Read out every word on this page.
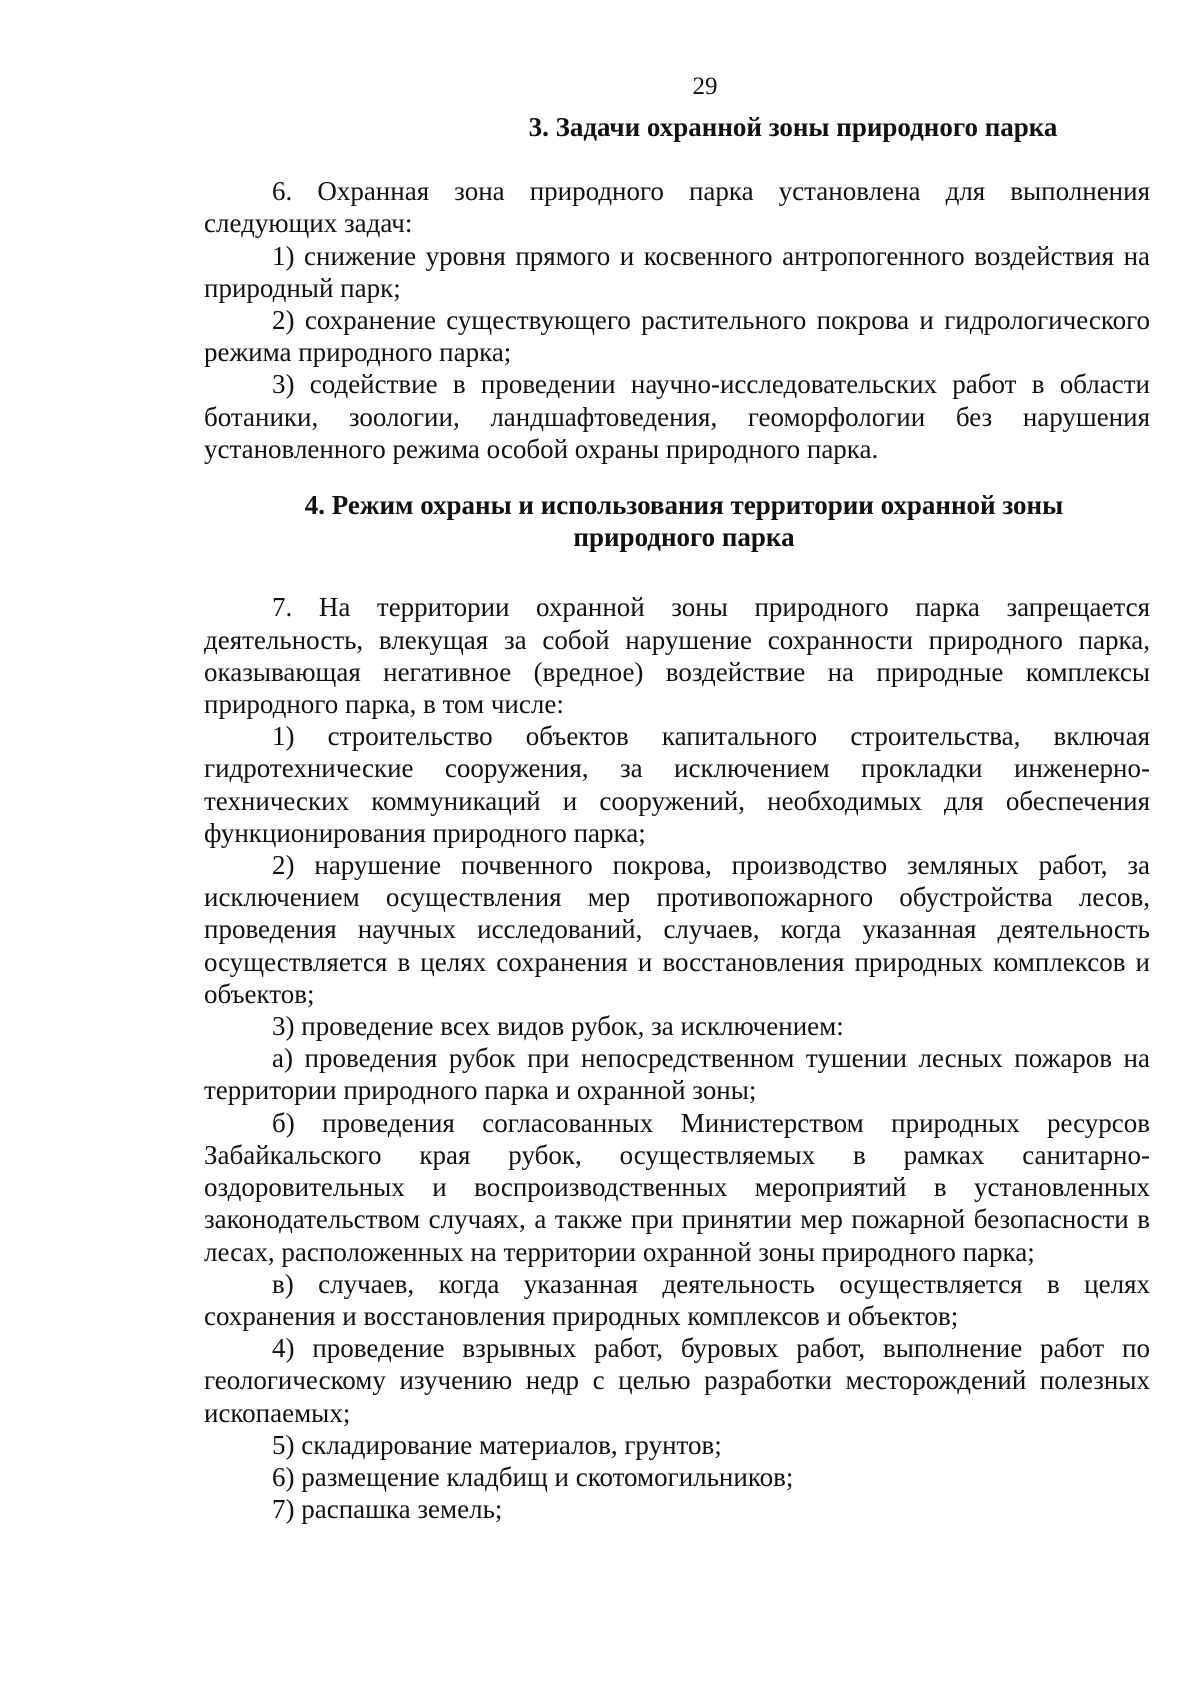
29
3. Задачи охранной зоны природного парка

6. Охранная зона природного парка установлена для выполнения следующих задач:

1) снижение уровня прямого и косвенного антропогенного воздействия на природный парк;

2) сохранение существующего растительного покрова и гидрологического режима природного парка;

3) содействие в проведении научно-исследовательских работ в области ботаники, зоологии, ландшафтоведения, геоморфологии без нарушения установленного режима особой охраны природного парка.

4. Режим охраны и использования территории охранной зоны
природного парка

7. На территории охранной зоны природного парка запрещается деятельность, влекущая за собой нарушение сохранности природного парка, оказывающая негативное (вредное) воздействие на природные комплексы природного парка, в том числе:

1) строительство объектов капитального строительства, включая гидротехнические сооружения, за исключением прокладки инженерно-технических коммуникаций и сооружений, необходимых для обеспечения функционирования природного парка;

2) нарушение почвенного покрова, производство земляных работ, за исключением осуществления мер противопожарного обустройства лесов, проведения научных исследований, случаев, когда указанная деятельность осуществляется в целях сохранения и восстановления природных комплексов и объектов;

3) проведение всех видов рубок, за исключением:

а) проведения рубок при непосредственном тушении лесных пожаров на территории природного парка и охранной зоны;

б) проведения согласованных Министерством природных ресурсов Забайкальского края рубок, осуществляемых в рамках санитарно-оздоровительных и воспроизводственных мероприятий в установленных законодательством случаях, а также при принятии мер пожарной безопасности в лесах, расположенных на территории охранной зоны природного парка;

в) случаев, когда указанная деятельность осуществляется в целях сохранения и восстановления природных комплексов и объектов;

4) проведение взрывных работ, буровых работ, выполнение работ по геологическому изучению недр с целью разработки месторождений полезных ископаемых;

5) складирование материалов, грунтов;

6) размещение кладбищ и скотомогильников;

7) распашка земель;
